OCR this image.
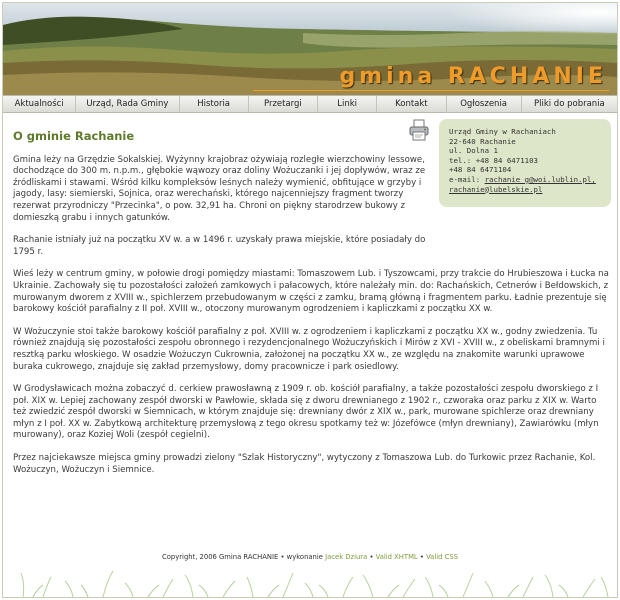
gmina RACHANIE
Aktualności	Urząd, Rada Gminy	Historia	Przetargi	Linki	Kontakt	Ogłoszenia	Pliki do pobrania
O gminie Rachanie

Gmina leży na Grzędzie Sokalskiej. Wyżynny krajobraz ożywiają rozległe wierzchowiny lessowe, dochodzące do 300 m. n.p.m., głębokie wąwozy oraz doliny Wożuczanki i jej dopływów, wraz ze źródliskami i stawami. Wśród kilku kompleksów leśnych należy wymienić, obfitujące w grzyby i jagody, lasy: siemierski, Sojnica, oraz werechański, którego najcenniejszy fragment tworzy rezerwat przyrodniczy "Przecinka", o pow. 32,91 ha. Chroni on piękny starodrzew bukowy z domieszką grabu i innych gatunków.

Rachanie istniały już na początku XV w. a w 1496 r. uzyskały prawa miejskie, które posiadały do 1795 r.

Wieś leży w centrum gminy, w połowie drogi pomiędzy miastami: Tomaszowem Lub. i Tyszowcami, przy trakcie do Hrubieszowa i Łucka na Ukrainie. Zachowały się tu pozostałości założeń zamkowych i pałacowych, które należały min. do: Rachańskich, Cetnerów i Bełdowskich, z murowanym dworem z XVIII w., spichlerzem przebudowanym w części z zamku, bramą główną i fragmentem parku. Ładnie prezentuje się barokowy kościół parafialny z II poł. XVIII w., otoczony murowanym ogrodzeniem i kapliczkami z początku XX w.

W Wożuczynie stoi także barokowy kościół parafialny z poł. XVIII w. z ogrodzeniem i kapliczkami z początku XX w., godny zwiedzenia. Tu również znajdują się pozostałości zespołu obronnego i rezydencjonalnego Wożuczyńskich i Mirów z XVI - XVIII w., z obeliskami bramnymi i resztką parku włoskiego. W osadzie Wożuczyn Cukrownia, założonej na początku XX w., ze względu na znakomite warunki uprawowe buraka cukrowego, znajduje się zakład przemysłowy, domy pracownicze i park osiedlowy.

W Grodysławicach można zobaczyć d. cerkiew prawosławną z 1909 r. ob. kościół parafialny, a także pozostałości zespołu dworskiego z I poł. XIX w. Lepiej zachowany zespół dworski w Pawłowie, składa się z dworu drewnianego z 1902 r., czworaka oraz parku z XIX w. Warto też zwiedzić zespół dworski w Siemnicach, w którym znajduje się: drewniany dwór z XIX w., park, murowane spichlerze oraz drewniany młyn z I poł. XX w. Zabytkową architekturę przemysłową z tego okresu spotkamy też w: Józefówce (młyn drewniany), Zawiarówku (młyn murowany), oraz Koziej Woli (zespół cegielni).

Przez najciekawsze miejsca gminy prowadzi zielony "Szlak Historyczny", wytyczony z Tomaszowa Lub. do Turkowic przez Rachanie, Kol. Wożuczyn, Wożuczyn i Siemnice.

Urząd Gminy w Rachaniach
22-640 Rachanie
ul. Dolna 1
tel.: +48 84 6471103
+48 84 6471104
e-mail: rachanie_g@woi.lublin.pl,
rachanie@lubelskie.pl
Copyright, 2006 Gmina RACHANIE • wykonanie Jacek Dziura • Valid XHTML • Valid CSS
